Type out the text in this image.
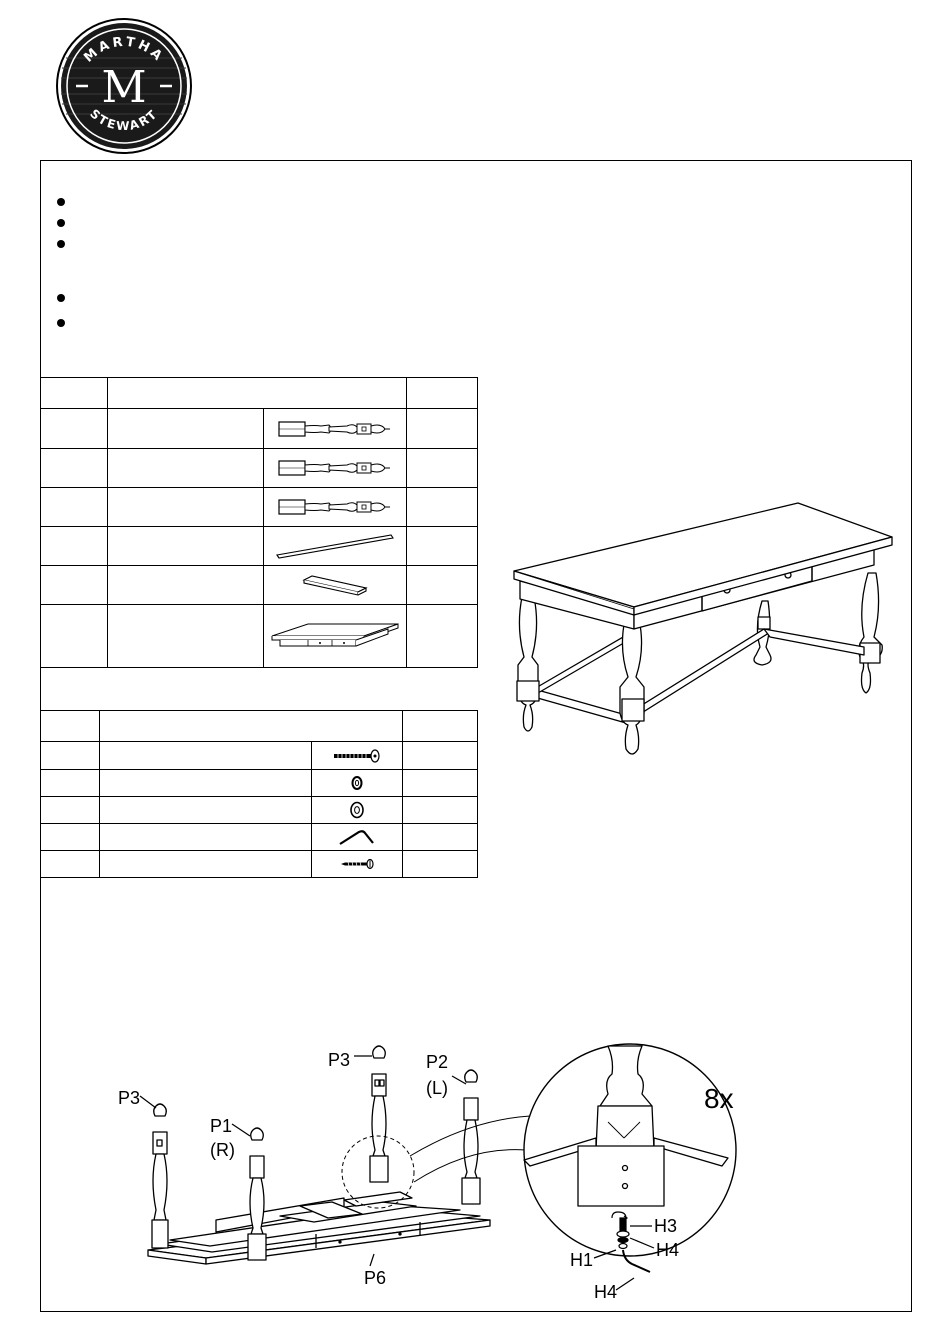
MARTHA
M
STEWART

P3
P1
(R)
P3	P2
(L)
P6
H3
H4
H1
H4
8x
